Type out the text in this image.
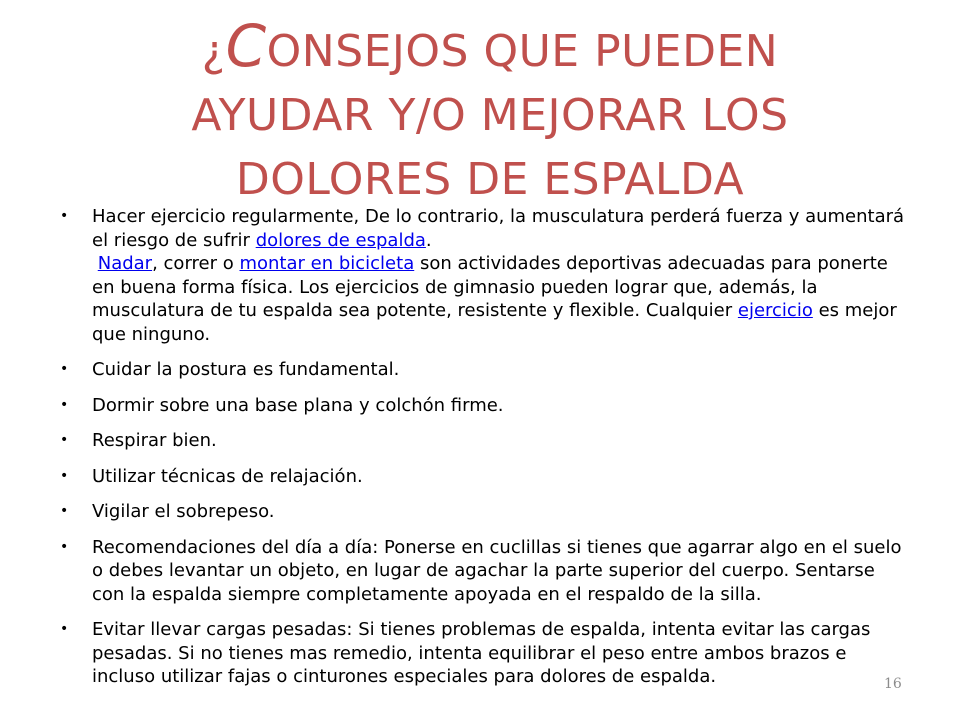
¿CONSEJOS QUE PUEDEN
AYUDAR Y/O MEJORAR LOS
DOLORES DE ESPALDA
• Hacer ejercicio regularmente, De lo contrario, la musculatura perderá fuerza y aumentará el riesgo de sufrir dolores de espalda.
Nadar, correr o montar en bicicleta son actividades deportivas adecuadas para ponerte en buena forma física. Los ejercicios de gimnasio pueden lograr que, además, la musculatura de tu espalda sea potente, resistente y flexible. Cualquier ejercicio es mejor que ninguno.
• Cuidar la postura es fundamental.
• Dormir sobre una base plana y colchón firme.
• Respirar bien.
• Utilizar técnicas de relajación.
• Vigilar el sobrepeso.
• Recomendaciones del día a día: Ponerse en cuclillas si tienes que agarrar algo en el suelo o debes levantar un objeto, en lugar de agachar la parte superior del cuerpo. Sentarse con la espalda siempre completamente apoyada en el respaldo de la silla.
• Evitar llevar cargas pesadas: Si tienes problemas de espalda, intenta evitar las cargas pesadas. Si no tienes mas remedio, intenta equilibrar el peso entre ambos brazos e incluso utilizar fajas o cinturones especiales para dolores de espalda.	16
